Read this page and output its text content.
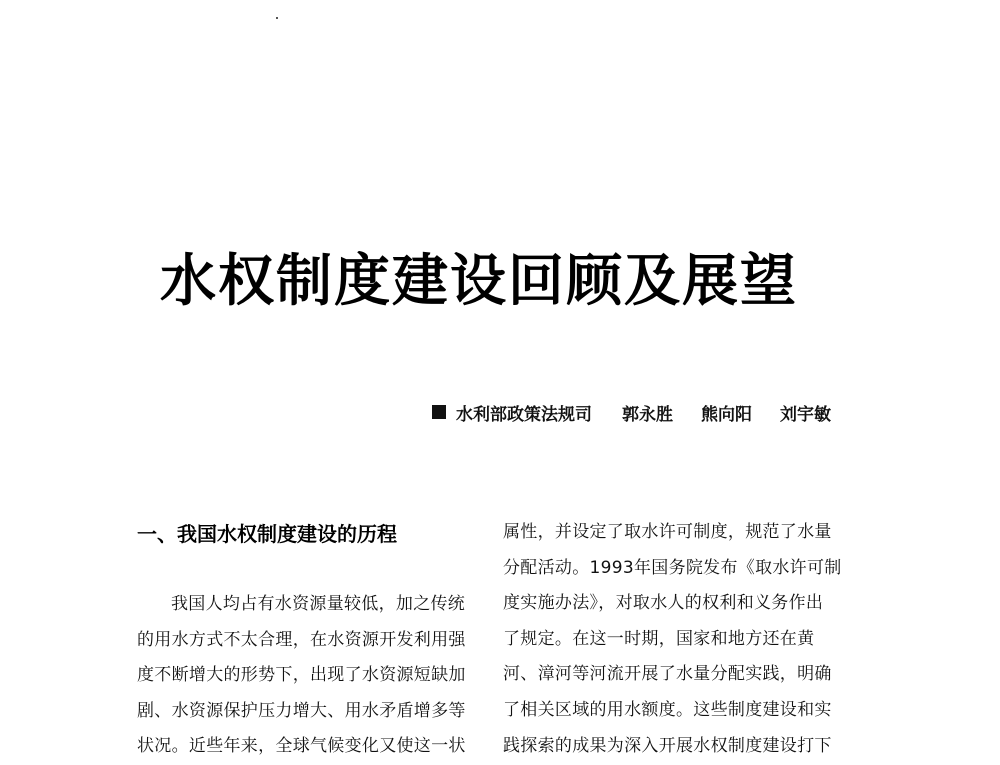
水权制度建设回顾及展望
水利部政策法规司 郭永胜 熊向阳 刘宇敏
一、我国水权制度建设的历程
我国人均占有水资源量较低，加之传统
的用水方式不太合理，在水资源开发利用强
度不断增大的形势下，出现了水资源短缺加
剧、水资源保护压力增大、用水矛盾增多等
状况。近些年来，全球气候变化又使这一状
属性，并设定了取水许可制度，规范了水量
分配活动。1993年国务院发布《取水许可制
度实施办法》，对取水人的权利和义务作出
了规定。在这一时期，国家和地方还在黄
河、漳河等河流开展了水量分配实践，明确
了相关区域的用水额度。这些制度建设和实
践探索的成果为深入开展水权制度建设打下
